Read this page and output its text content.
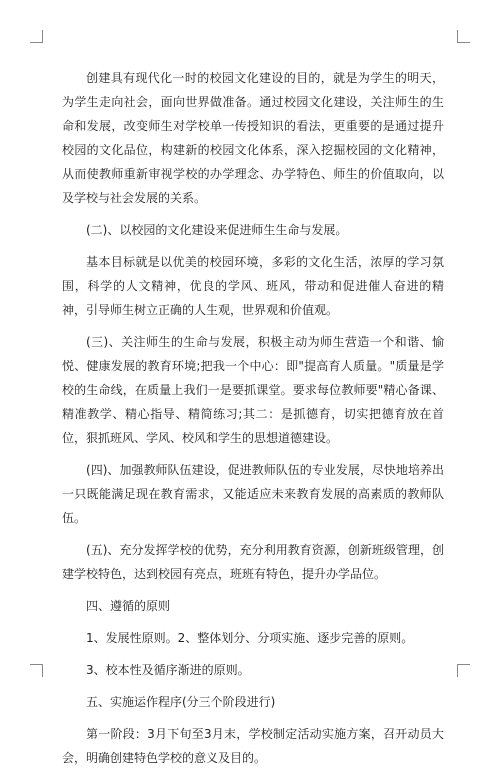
创建具有现代化一时的校园文化建设的目的，就是为学生的明天，为学生走向社会，面向世界做准备。通过校园文化建设，关注师生的生命和发展，改变师生对学校单一传授知识的看法，更重要的是通过提升校园的文化品位，构建新的校园文化体系，深入挖掘校园的文化精神，从而使教师重新审视学校的办学理念、办学特色、师生的价值取向，以及学校与社会发展的关系。

(二)、以校园的文化建设来促进师生生命与发展。

基本目标就是以优美的校园环境，多彩的文化生活，浓厚的学习氛围，科学的人文精神，优良的学风、班风，带动和促进催人奋进的精神，引导师生树立正确的人生观，世界观和价值观。

(三)、关注师生的生命与发展，积极主动为师生营造一个和谐、愉悦、健康发展的教育环境;把我一个中心：即"提高育人质量。"质量是学校的生命线，在质量上我们一是要抓课堂。要求每位教师要"精心备课、精准教学、精心指导、精简练习;其二：是抓德育，切实把德育放在首位，狠抓班风、学风、校风和学生的思想道德建设。

(四)、加强教师队伍建设，促进教师队伍的专业发展，尽快地培养出一只既能满足现在教育需求，又能适应未来教育发展的高素质的教师队伍。

(五)、充分发挥学校的优势，充分利用教育资源，创新班级管理，创建学校特色，达到校园有亮点，班班有特色，提升办学品位。

四、遵循的原则

1、发展性原则。2、整体划分、分项实施、逐步完善的原则。

3、校本性及循序渐进的原则。

五、实施运作程序(分三个阶段进行)

第一阶段：3月下旬至3月末，学校制定活动实施方案，召开动员大会，明确创建特色学校的意义及目的。
